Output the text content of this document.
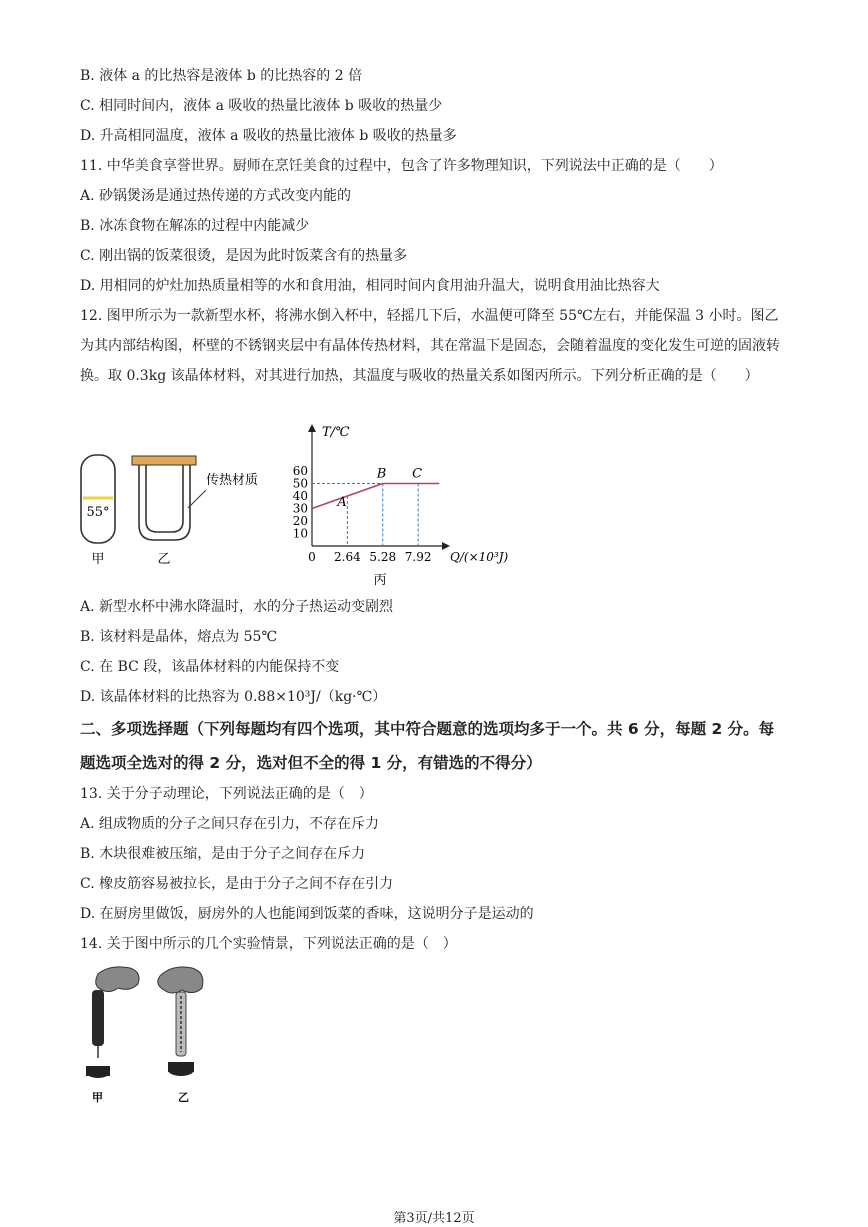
B. 液体 a 的比热容是液体 b 的比热容的 2 倍
C. 相同时间内，液体 a 吸收的热量比液体 b 吸收的热量少
D. 升高相同温度，液体 a 吸收的热量比液体 b 吸收的热量多
11. 中华美食享誉世界。厨师在烹饪美食的过程中，包含了许多物理知识，下列说法中正确的是（　　）
A. 砂锅煲汤是通过热传递的方式改变内能的
B. 冰冻食物在解冻的过程中内能减少
C. 刚出锅的饭菜很烫，是因为此时饭菜含有的热量多
D. 用相同的炉灶加热质量相等的水和食用油，相同时间内食用油升温大，说明食用油比热容大
12. 图甲所示为一款新型水杯，将沸水倒入杯中，轻摇几下后，水温便可降至 55℃左右，并能保温 3 小时。图乙为其内部结构图，杯壁的不锈钢夹层中有晶体传热材料，其在常温下是固态，会随着温度的变化发生可逆的固液转换。取 0.3kg 该晶体材料，对其进行加热，其温度与吸收的热量关系如图丙所示。下列分析正确的是（　　）
55°
甲
传热材质
乙
T/℃
Q/(×10³J)
60
50
40
30
20
10
0 2.64 5.28 7.92
A
B C
丙
A. 新型水杯中沸水降温时，水的分子热运动变剧烈
B. 该材料是晶体，熔点为 55℃
C. 在 BC 段，该晶体材料的内能保持不变
D. 该晶体材料的比热容为 0.88×10³J/（kg·℃）
二、多项选择题（下列每题均有四个选项，其中符合题意的选项均多于一个。共 6 分，每题 2 分。每题选项全选对的得 2 分，选对但不全的得 1 分，有错选的不得分）
13. 关于分子动理论，下列说法正确的是（　）
A. 组成物质的分子之间只存在引力，不存在斥力
B. 木块很难被压缩，是由于分子之间存在斥力
C. 橡皮筋容易被拉长，是由于分子之间不存在引力
D. 在厨房里做饭，厨房外的人也能闻到饭菜的香味，这说明分子是运动的
14. 关于图中所示的几个实验情景，下列说法正确的是（　）
甲	乙
第3页/共12页
